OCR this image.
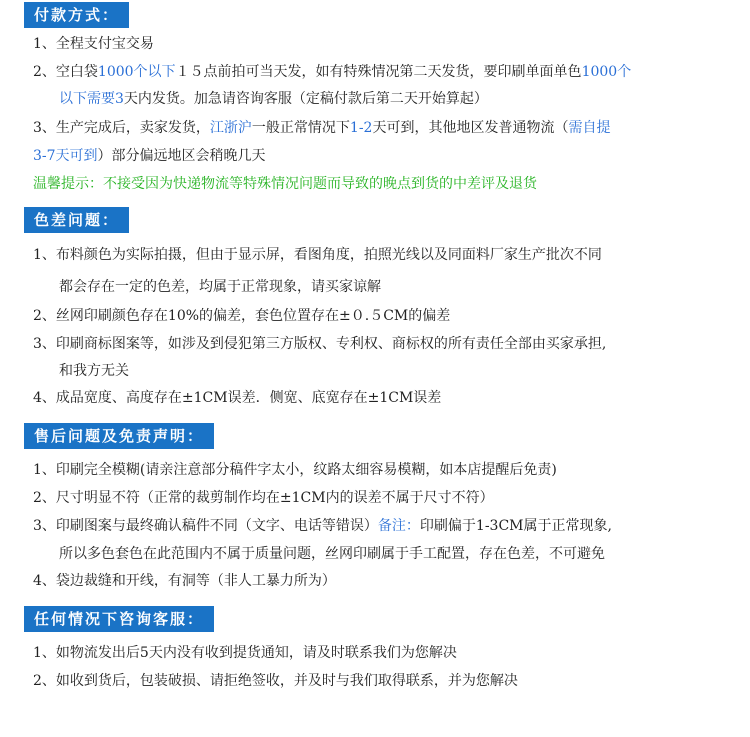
付款方式：
1、全程支付宝交易
2、空白袋1000个以下１５点前拍可当天发，如有特殊情况第二天发货，要印刷单面单色1000个
以下需要3天内发货。加急请咨询客服（定稿付款后第二天开始算起）
3、生产完成后，卖家发货，江浙沪一般正常情况下1-2天可到，其他地区发普通物流（需自提
3-7天可到）部分偏远地区会稍晚几天
温馨提示：不接受因为快递物流等特殊情况问题而导致的晚点到货的中差评及退货
色差问题：
1、布料颜色为实际拍摄，但由于显示屏，看图角度，拍照光线以及同面料厂家生产批次不同
都会存在一定的色差，均属于正常现象，请买家谅解
2、丝网印刷颜色存在10%的偏差，套色位置存在±０.５CM的偏差
3、印刷商标图案等，如涉及到侵犯第三方版权、专利权、商标权的所有责任全部由买家承担,
和我方无关
4、成品宽度、高度存在±1CM误差．侧宽、底宽存在±1CM误差
售后问题及免责声明：
1、印刷完全模糊(请亲注意部分稿件字太小，纹路太细容易模糊，如本店提醒后免责)
2、尺寸明显不符（正常的裁剪制作均在±1CM内的误差不属于尺寸不符）
3、印刷图案与最终确认稿件不同（文字、电话等错误）备注：印刷偏于1-3CM属于正常现象,
所以多色套色在此范围内不属于质量问题，丝网印刷属于手工配置，存在色差，不可避免
4、袋边裁缝和开线，有洞等（非人工暴力所为）
任何情况下咨询客服：
1、如物流发出后5天内没有收到提货通知，请及时联系我们为您解决
2、如收到货后，包装破损、请拒绝签收，并及时与我们取得联系，并为您解决
